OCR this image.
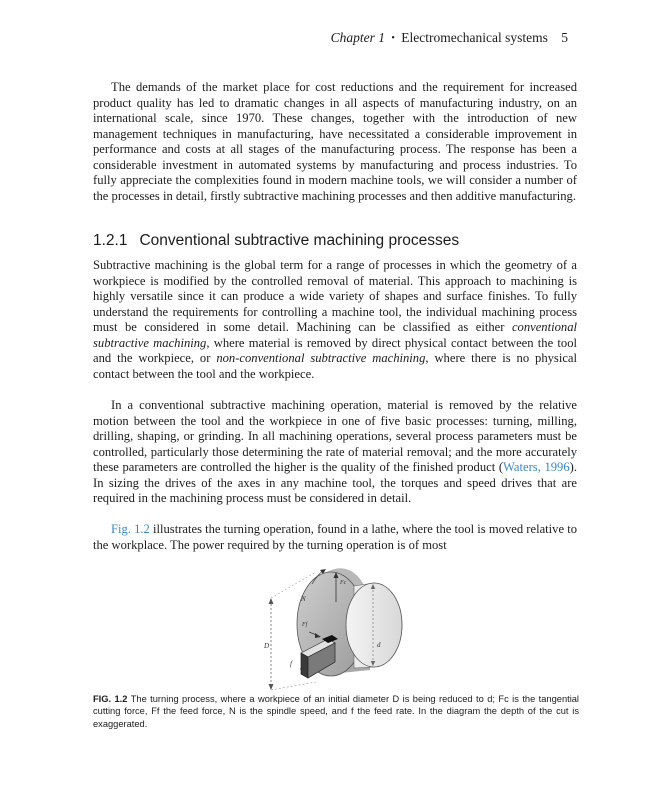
Chapter 1 • Electromechanical systems 5

The demands of the market place for cost reductions and the requirement for increased product quality has led to dramatic changes in all aspects of manufacturing industry, on an international scale, since 1970. These changes, together with the introduction of new management techniques in manufacturing, have necessitated a considerable improvement in performance and costs at all stages of the manufacturing process. The response has been a considerable investment in automated systems by manufacturing and process industries. To fully appreciate the complexities found in modern machine tools, we will consider a number of the processes in detail, firstly subtractive machining processes and then additive manufacturing.

1.2.1 Conventional subtractive machining processes

Subtractive machining is the global term for a range of processes in which the geometry of a workpiece is modified by the controlled removal of material. This approach to machining is highly versatile since it can produce a wide variety of shapes and surface finishes. To fully understand the requirements for controlling a machine tool, the individual machining process must be considered in some detail. Machining can be classified as either conventional subtractive machining, where material is removed by direct physical contact between the tool and the workpiece, or non-conventional subtractive machining, where there is no physical contact between the tool and the workpiece.

In a conventional subtractive machining operation, material is removed by the relative motion between the tool and the workpiece in one of five basic processes: turning, milling, drilling, shaping, or grinding. In all machining operations, several process parameters must be controlled, particularly those determining the rate of material removal; and the more accurately these parameters are controlled the higher is the quality of the finished product (Waters, 1996). In sizing the drives of the axes in any machine tool, the torques and speed drives that are required in the machining process must be considered in detail.

Fig. 1.2 illustrates the turning operation, found in a lathe, where the tool is moved relative to the workplace. The power required by the turning operation is of most

D	d
N
Fc
Ff
f

FIG. 1.2 The turning process, where a workpiece of an initial diameter D is being reduced to d; Fc is the tangential cutting force, Ff the feed force, N is the spindle speed, and f the feed rate. In the diagram the depth of the cut is exaggerated.
